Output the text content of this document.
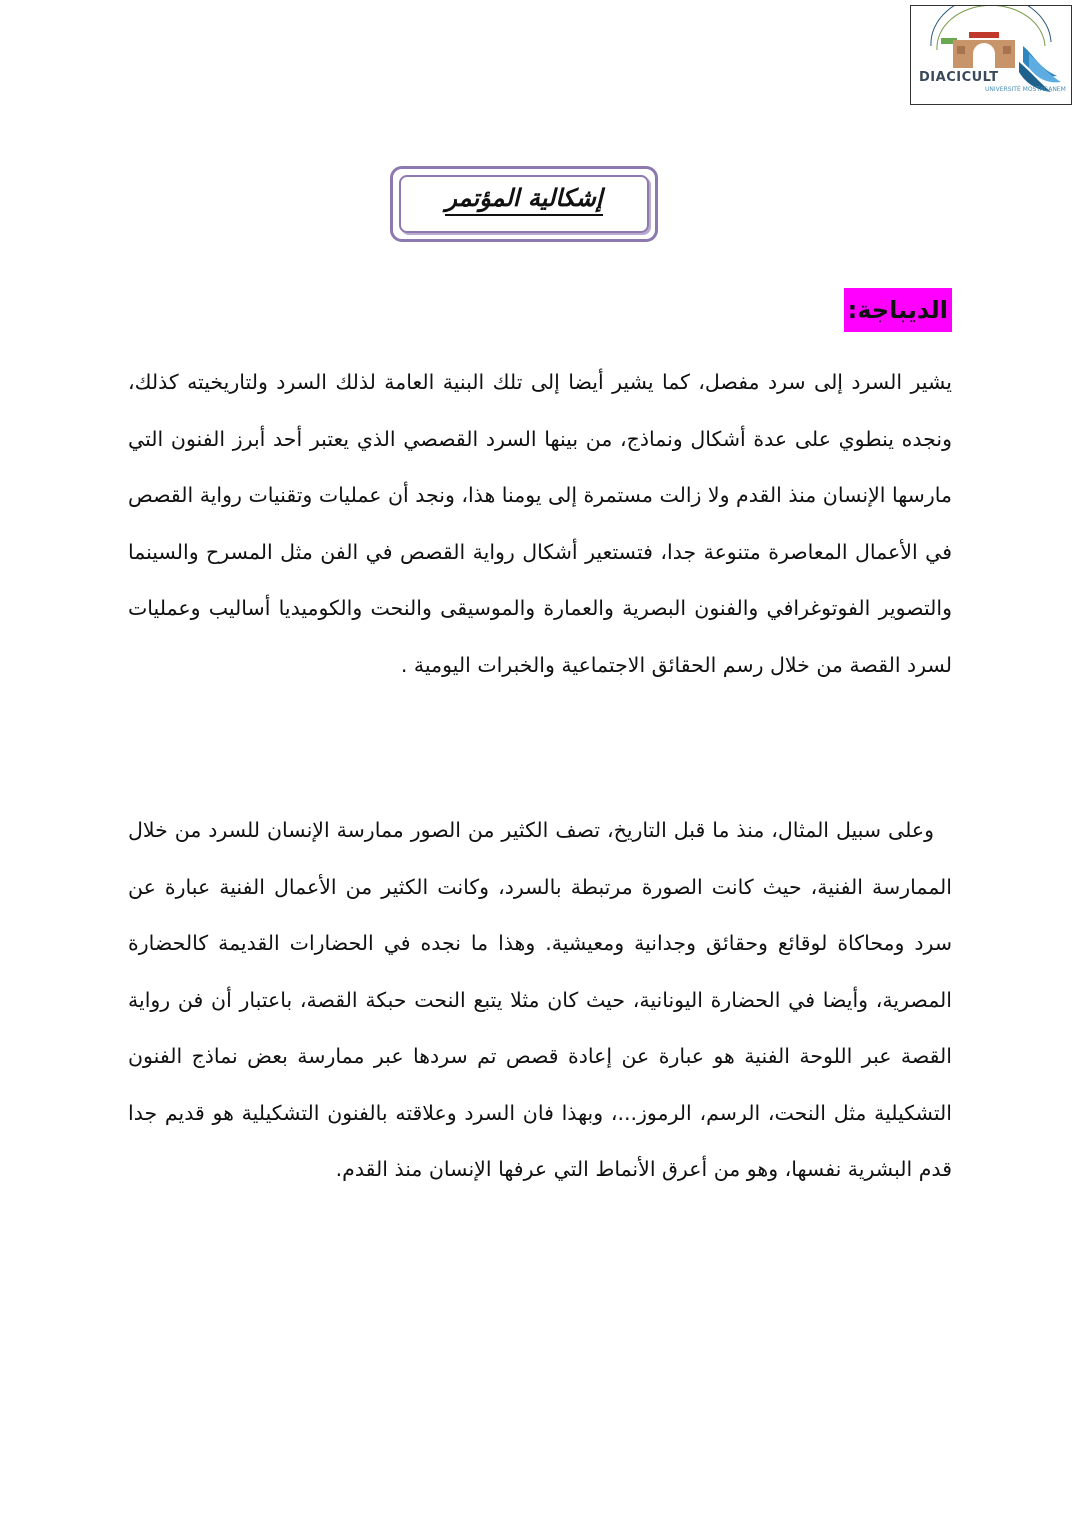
DIACICULT
UNIVERSITÉ MOSTAGANEM
إشكالية المؤتمر
الديباجة:

يشير السرد إلى سرد مفصل، كما يشير أيضا إلى تلك البنية العامة لذلك السرد ولتاريخيته كذلك، ونجده ينطوي على عدة أشكال ونماذج، من بينها السرد القصصي الذي يعتبر أحد أبرز الفنون التي مارسها الإنسان منذ القدم ولا زالت مستمرة إلى يومنا هذا، ونجد أن عمليات وتقنيات رواية القصص في الأعمال المعاصرة متنوعة جدا، فتستعير أشكال رواية القصص في الفن مثل المسرح والسينما والتصوير الفوتوغرافي والفنون البصرية والعمارة والموسيقى والنحت والكوميديا أساليب وعمليات لسرد القصة من خلال رسم الحقائق الاجتماعية والخبرات اليومية .

وعلى سبيل المثال، منذ ما قبل التاريخ، تصف الكثير من الصور ممارسة الإنسان للسرد من خلال الممارسة الفنية، حيث كانت الصورة مرتبطة بالسرد، وكانت الكثير من الأعمال الفنية عبارة عن سرد ومحاكاة لوقائع وحقائق وجدانية ومعيشية. وهذا ما نجده في الحضارات القديمة كالحضارة المصرية، وأيضا في الحضارة اليونانية، حيث كان مثلا يتبع النحت حبكة القصة، باعتبار أن فن رواية القصة عبر اللوحة الفنية هو عبارة عن إعادة قصص تم سردها عبر ممارسة بعض نماذج الفنون التشكيلية مثل النحت، الرسم، الرموز...، وبهذا فان السرد وعلاقته بالفنون التشكيلية هو قديم جدا قدم البشرية نفسها، وهو من أعرق الأنماط التي عرفها الإنسان منذ القدم.
